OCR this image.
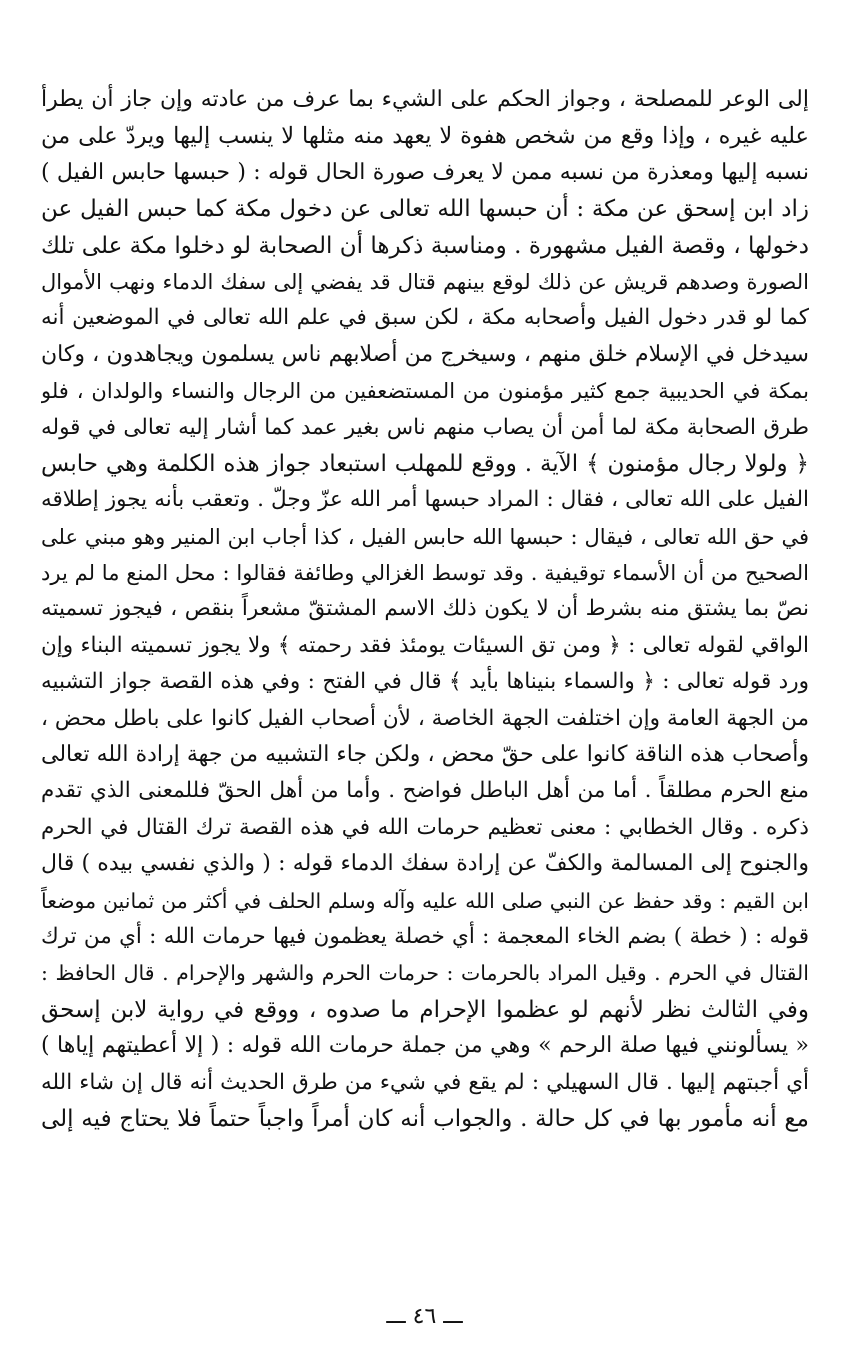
إلى الوعر للمصلحة ، وجواز الحكم على الشيء بما عرف من عادته وإن جاز أن يطرأ
عليه غيره ، وإذا وقع من شخص هفوة لا يعهد منه مثلها لا ينسب إليها ويردّ على من
نسبه إليها ومعذرة من نسبه ممن لا يعرف صورة الحال قوله : ( حبسها حابس الفيل )
زاد ابن إسحق عن مكة : أن حبسها الله تعالى عن دخول مكة كما حبس الفيل عن
دخولها ، وقصة الفيل مشهورة . ومناسبة ذكرها أن الصحابة لو دخلوا مكة على تلك
الصورة وصدهم قريش عن ذلك لوقع بينهم قتال قد يفضي إلى سفك الدماء ونهب الأموال
كما لو قدر دخول الفيل وأصحابه مكة ، لكن سبق في علم الله تعالى في الموضعين أنه
سيدخل في الإسلام خلق منهم ، وسيخرج من أصلابهم ناس يسلمون ويجاهدون ، وكان
بمكة في الحديبية جمع كثير مؤمنون من المستضعفين من الرجال والنساء والولدان ، فلو
طرق الصحابة مكة لما أمن أن يصاب منهم ناس بغير عمد كما أشار إليه تعالى في قوله
﴿ ولولا رجال مؤمنون ﴾ الآية . ووقع للمهلب استبعاد جواز هذه الكلمة وهي حابس
الفيل على الله تعالى ، فقال : المراد حبسها أمر الله عزّ وجلّ . وتعقب بأنه يجوز إطلاقه
في حق الله تعالى ، فيقال : حبسها الله حابس الفيل ، كذا أجاب ابن المنير وهو مبني على
الصحيح من أن الأسماء توقيفية . وقد توسط الغزالي وطائفة فقالوا : محل المنع ما لم يرد
نصّ بما يشتق منه بشرط أن لا يكون ذلك الاسم المشتقّ مشعراً بنقص ، فيجوز تسميته
الواقي لقوله تعالى : ﴿ ومن تق السيئات يومئذ فقد رحمته ﴾ ولا يجوز تسميته البناء وإن
ورد قوله تعالى : ﴿ والسماء بنيناها بأيد ﴾ قال في الفتح : وفي هذه القصة جواز التشبيه
من الجهة العامة وإن اختلفت الجهة الخاصة ، لأن أصحاب الفيل كانوا على باطل محض ،
وأصحاب هذه الناقة كانوا على حقّ محض ، ولكن جاء التشبيه من جهة إرادة الله تعالى
منع الحرم مطلقاً . أما من أهل الباطل فواضح . وأما من أهل الحقّ فللمعنى الذي تقدم
ذكره . وقال الخطابي : معنى تعظيم حرمات الله في هذه القصة ترك القتال في الحرم
والجنوح إلى المسالمة والكفّ عن إرادة سفك الدماء قوله : ( والذي نفسي بيده ) قال
ابن القيم : وقد حفظ عن النبي صلى الله عليه وآله وسلم الحلف في أكثر من ثمانين موضعاً
قوله : ( خطة ) بضم الخاء المعجمة : أي خصلة يعظمون فيها حرمات الله : أي من ترك
القتال في الحرم . وقيل المراد بالحرمات : حرمات الحرم والشهر والإحرام . قال الحافظ :
وفي الثالث نظر لأنهم لو عظموا الإحرام ما صدوه ، ووقع في رواية لابن إسحق
« يسألونني فيها صلة الرحم » وهي من جملة حرمات الله قوله : ( إلا أعطيتهم إياها )
أي أجبتهم إليها . قال السهيلي : لم يقع في شيء من طرق الحديث أنه قال إن شاء الله
مع أنه مأمور بها في كل حالة . والجواب أنه كان أمراً واجباً حتماً فلا يحتاج فيه إلى
ـــ ٤٦ ـــ
